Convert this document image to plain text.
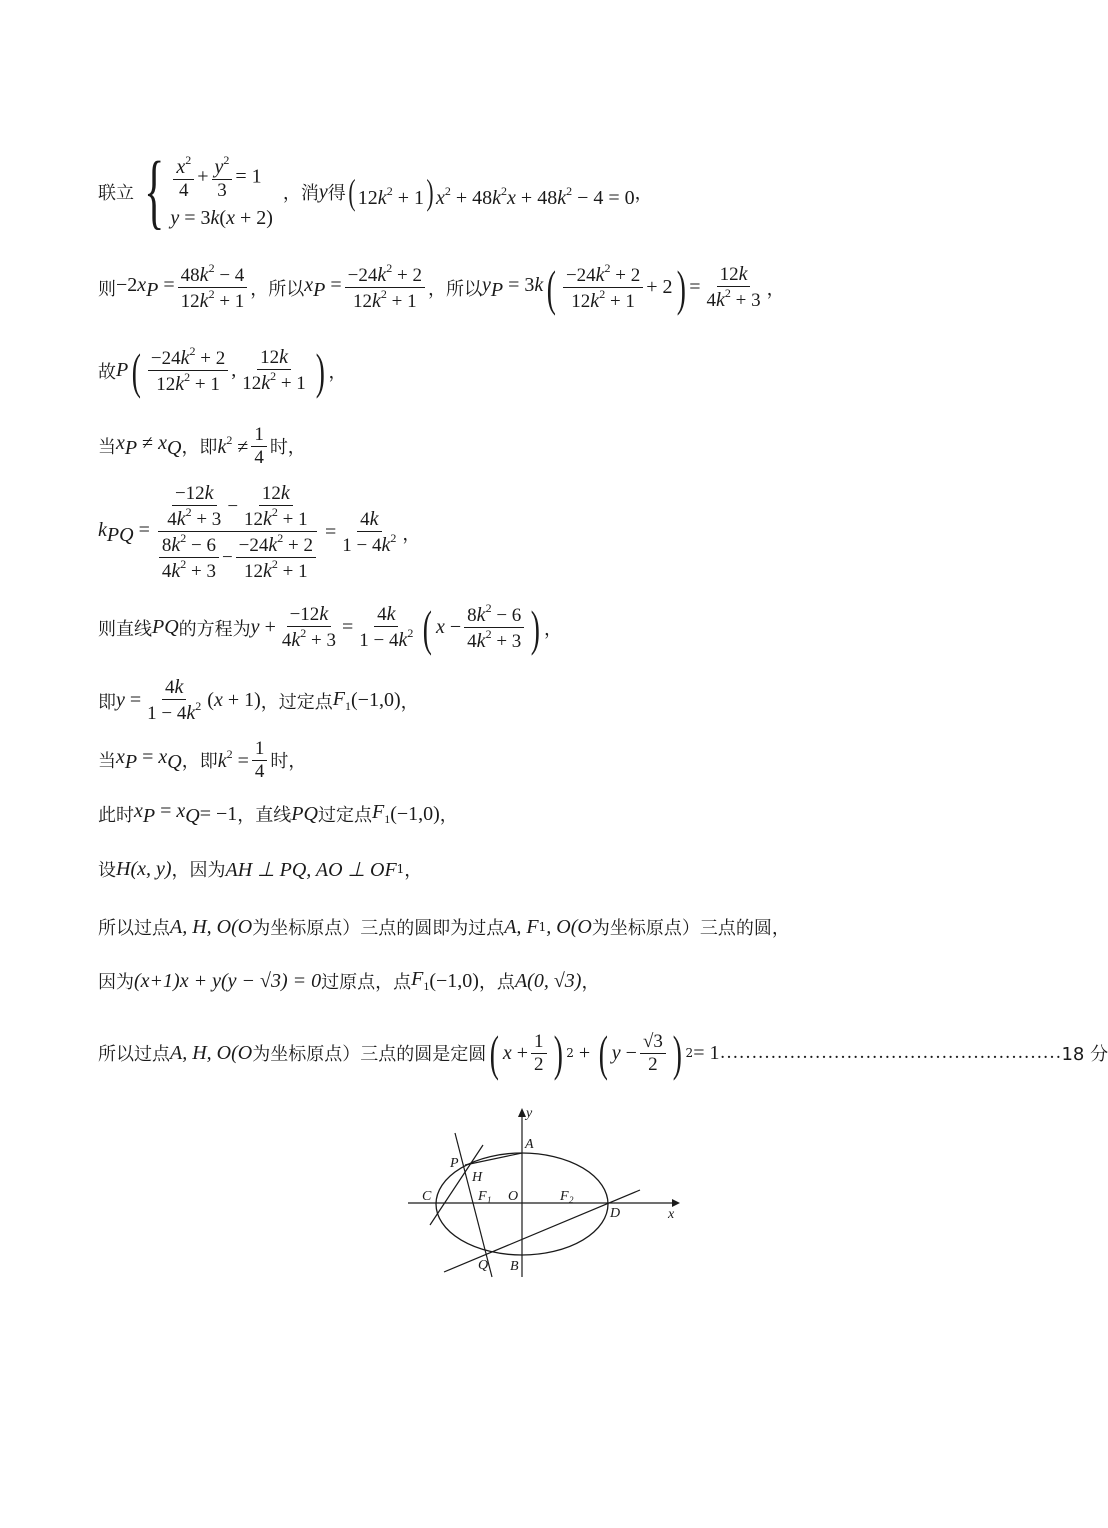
联立 { $\frac{x^2}{4} + \frac{y^2}{3} = 1$
y = 3k(x + 2)
，消 y 得 ( $12k^2 + 1$) $x^2 + 48k^2x + 48k^2 - 4 = 0$ ，
则 $-2x_P = \frac{48k^2 - 4}{12k^2 + 1}$ ，所以 $x_P = \frac{-24k^2 + 2}{12k^2 + 1}$ ，所以 $y_P = 3k$ ( $\frac{-24k^2 + 2}{12k^2 + 1} + 2$ ) = $\frac{12k}{4k^2 + 3}$ ，
故 P ( $\frac{-24k^2 + 2}{12k^2 + 1}$ , $\frac{12k}{12k^2 + 1}$ ) ，
当 $x_P \ne x_Q$ ，即 $k^2 \ne \frac{1}{4}$ 时，
$k_{PQ} = \frac{\frac{-12k}{4k^2 + 3} - \frac{12k}{12k^2 + 1}}{\frac{8k^2 - 6}{4k^2 + 3} - \frac{-24k^2 + 2}{12k^2 + 1}} = \frac{4k}{1 - 4k^2}$ ，
则直线 PQ 的方程为 $y + \frac{-12k}{4k^2 + 3} = \frac{4k}{1 - 4k^2}$ ( $x - \frac{8k^2 - 6}{4k^2 + 3}$ ) ，
即 $y = \frac{4k}{1 - 4k^2} (x + 1)$ ，过定点 $F_1$ (−1,0) ，
当 $x_P = x_Q$ ，即 $k^2 = \frac{1}{4}$ 时，
此时 $x_P = x_Q = -1$ ，直线 PQ 过定点 $F_1$ (−1,0) ，
设 H(x, y) ，因为 AH ⊥ PQ, AO ⊥ OF 1 ，
所以过点 A, H, O(O 为坐标原点）三点的圆即为过点 A, F 1 , O(O 为坐标原点）三点的圆，
因为 (x+1)x + y(y − √3) = 0 过原点，点 $F_1$ (−1,0) ，点 A(0, √3) ，
所以过点 A, H, O(O 为坐标原点）三点的圆是定圆 ( $x + \frac{1}{2}$ ) 2 + ( $y - \frac{√3}{2}$ ) 2 = 1 ……………………………………………… 18 分
y
x
A
B
C
D
P
Q
H
O
F 1	F 2
